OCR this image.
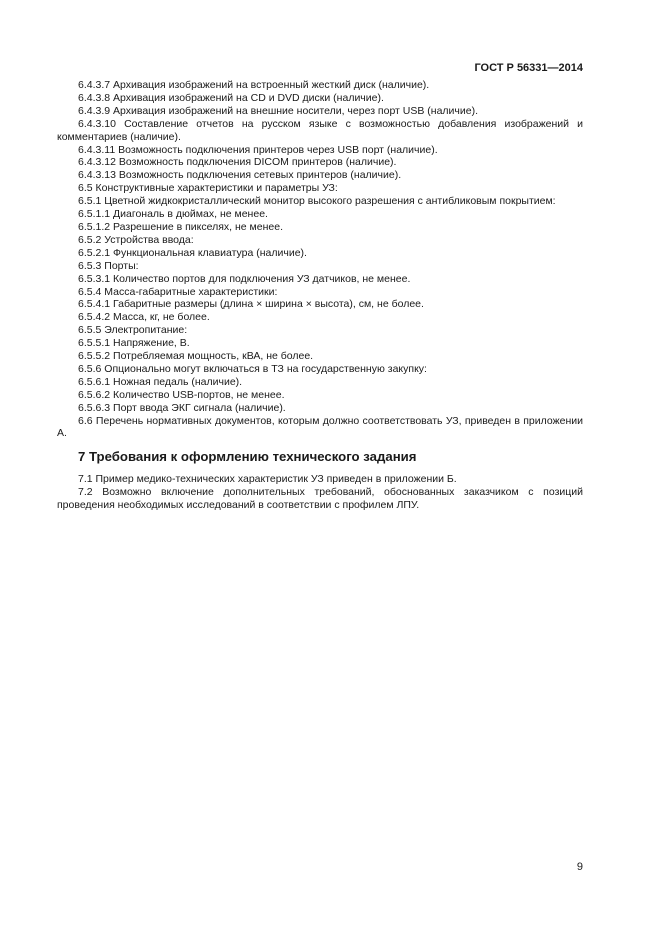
ГОСТ Р 56331—2014

6.4.3.7 Архивация изображений на встроенный жесткий диск (наличие).

6.4.3.8 Архивация изображений на CD и DVD диски (наличие).

6.4.3.9 Архивация изображений на внешние носители, через порт USB (наличие).

6.4.3.10 Составление отчетов на русском языке с возможностью добавления изображений и комментариев (наличие).

6.4.3.11 Возможность подключения принтеров через USB порт (наличие).

6.4.3.12 Возможность подключения DICOM принтеров (наличие).

6.4.3.13 Возможность подключения сетевых принтеров (наличие).

6.5 Конструктивные характеристики и параметры УЗ:

6.5.1 Цветной жидкокристаллический монитор высокого разрешения с антибликовым покрытием:

6.5.1.1 Диагональ в дюймах, не менее.

6.5.1.2 Разрешение в пикселях, не менее.

6.5.2 Устройства ввода:

6.5.2.1 Функциональная клавиатура (наличие).

6.5.3 Порты:

6.5.3.1 Количество портов для подключения УЗ датчиков, не менее.

6.5.4 Масса-габаритные характеристики:

6.5.4.1 Габаритные размеры (длина × ширина × высота), см, не более.

6.5.4.2 Масса, кг, не более.

6.5.5 Электропитание:

6.5.5.1 Напряжение, В.

6.5.5.2 Потребляемая мощность, кВА, не более.

6.5.6 Опционально могут включаться в ТЗ на государственную закупку:

6.5.6.1 Ножная педаль (наличие).

6.5.6.2 Количество USB-портов, не менее.

6.5.6.3 Порт ввода ЭКГ сигнала (наличие).

6.6 Перечень нормативных документов, которым должно соответствовать УЗ, приведен в приложении А.

7 Требования к оформлению технического задания

7.1 Пример медико-технических характеристик УЗ приведен в приложении Б.

7.2 Возможно включение дополнительных требований, обоснованных заказчиком с позиций проведения необходимых исследований в соответствии с профилем ЛПУ.

9
